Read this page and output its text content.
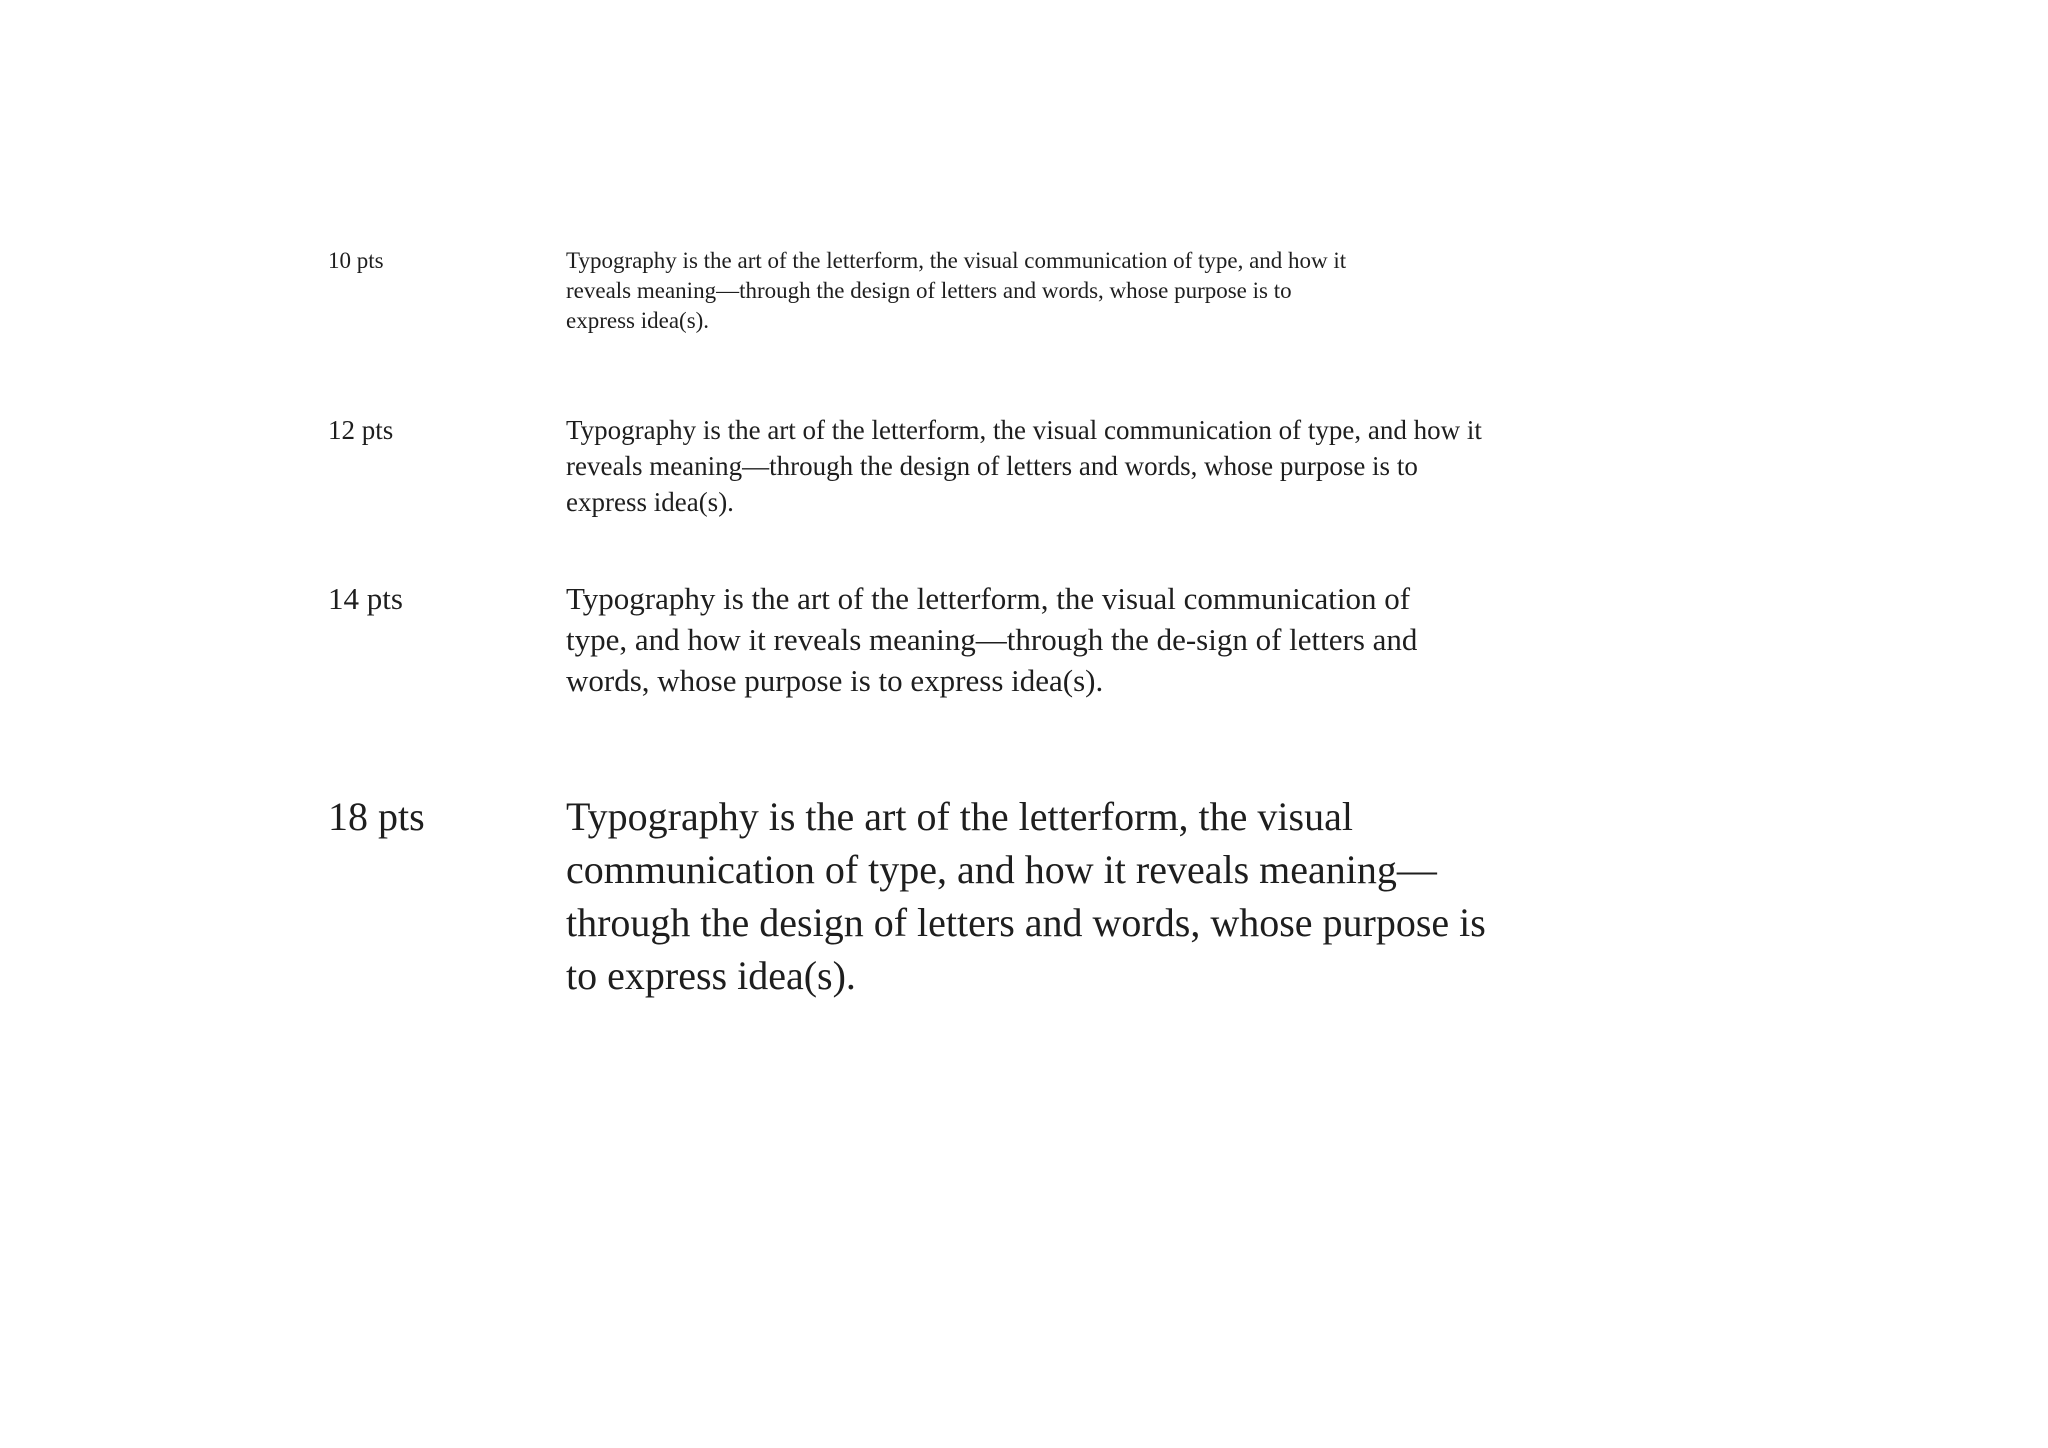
10 pts	Typography is the art of the letterform, the visual communication of type, and how it reveals meaning—through the design of letters and words, whose purpose is to express idea(s).

12 pts	Typography is the art of the letterform, the visual communication of type, and how it reveals meaning—through the design of letters and words, whose purpose is to express idea(s).

14 pts	Typography is the art of the letterform, the visual communication of type, and how it reveals meaning—through the de-sign of letters and words, whose purpose is to express idea(s).

18 pts	Typography is the art of the letterform, the visual communication of type, and how it reveals meaning—through the design of letters and words, whose purpose is to express idea(s).
